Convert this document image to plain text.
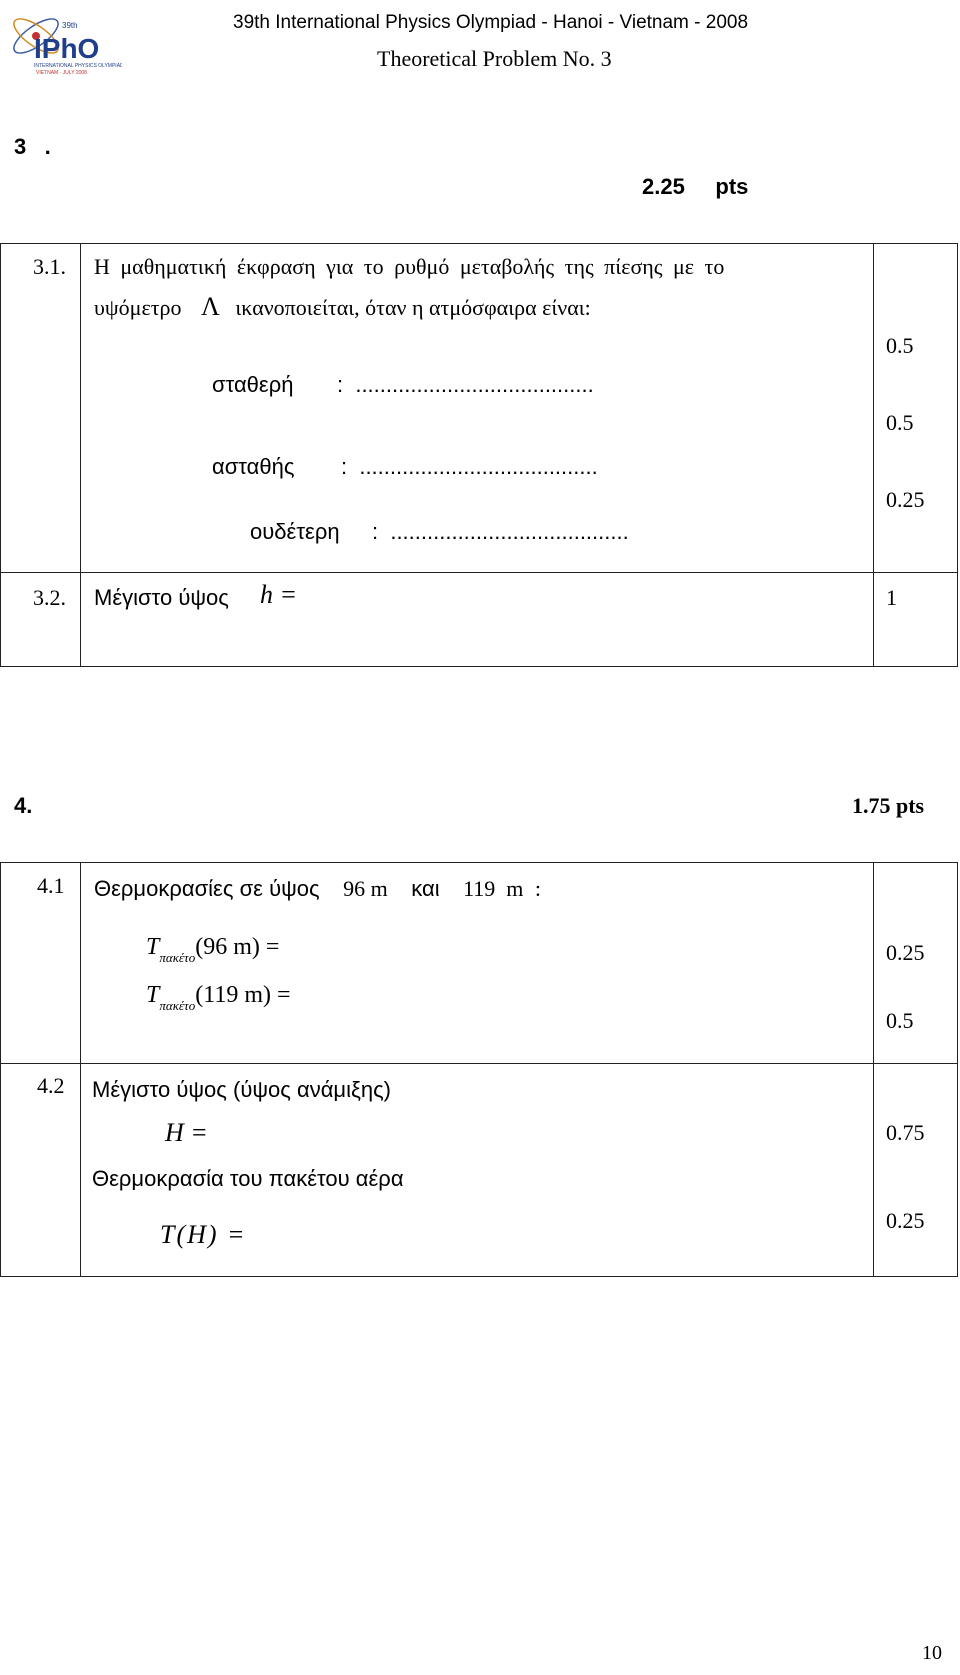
IPhO
39th
INTERNATIONAL PHYSICS OLYMPIAD
VIETNAM · JULY 2008
39th International Physics Olympiad - Hanoi - Vietnam - 2008
Theoretical Problem No. 3
3   .
2.25     pts
3.1. Η μαθηματική έκφραση για το ρυθμό μεταβολής της πίεσης με το
υψόμετρο Λ ικανοποιείται, όταν η ατμόσφαιρα είναι:
σταθερή :  .......................................
ασταθής :  .......................................
ουδέτερη :  .......................................
0.5
0.5
0.25
3.2. Μέγιστο ύψος h =	1
4.	1.75 pts
4.1 Θερμοκρασίες σε ύψος 96 m και 119  m :
$T_{\pi\alpha\kappa έ\tau o}(96$ m) =
$T_{\pi\alpha\kappa έ\tau o}(119$ m) =
0.25
0.5
4.2 Μέγιστο ύψος (ύψος ανάμιξης)
H =
Θερμοκρασία του πακέτου αέρα
T(H) =
0.75
0.25
10
